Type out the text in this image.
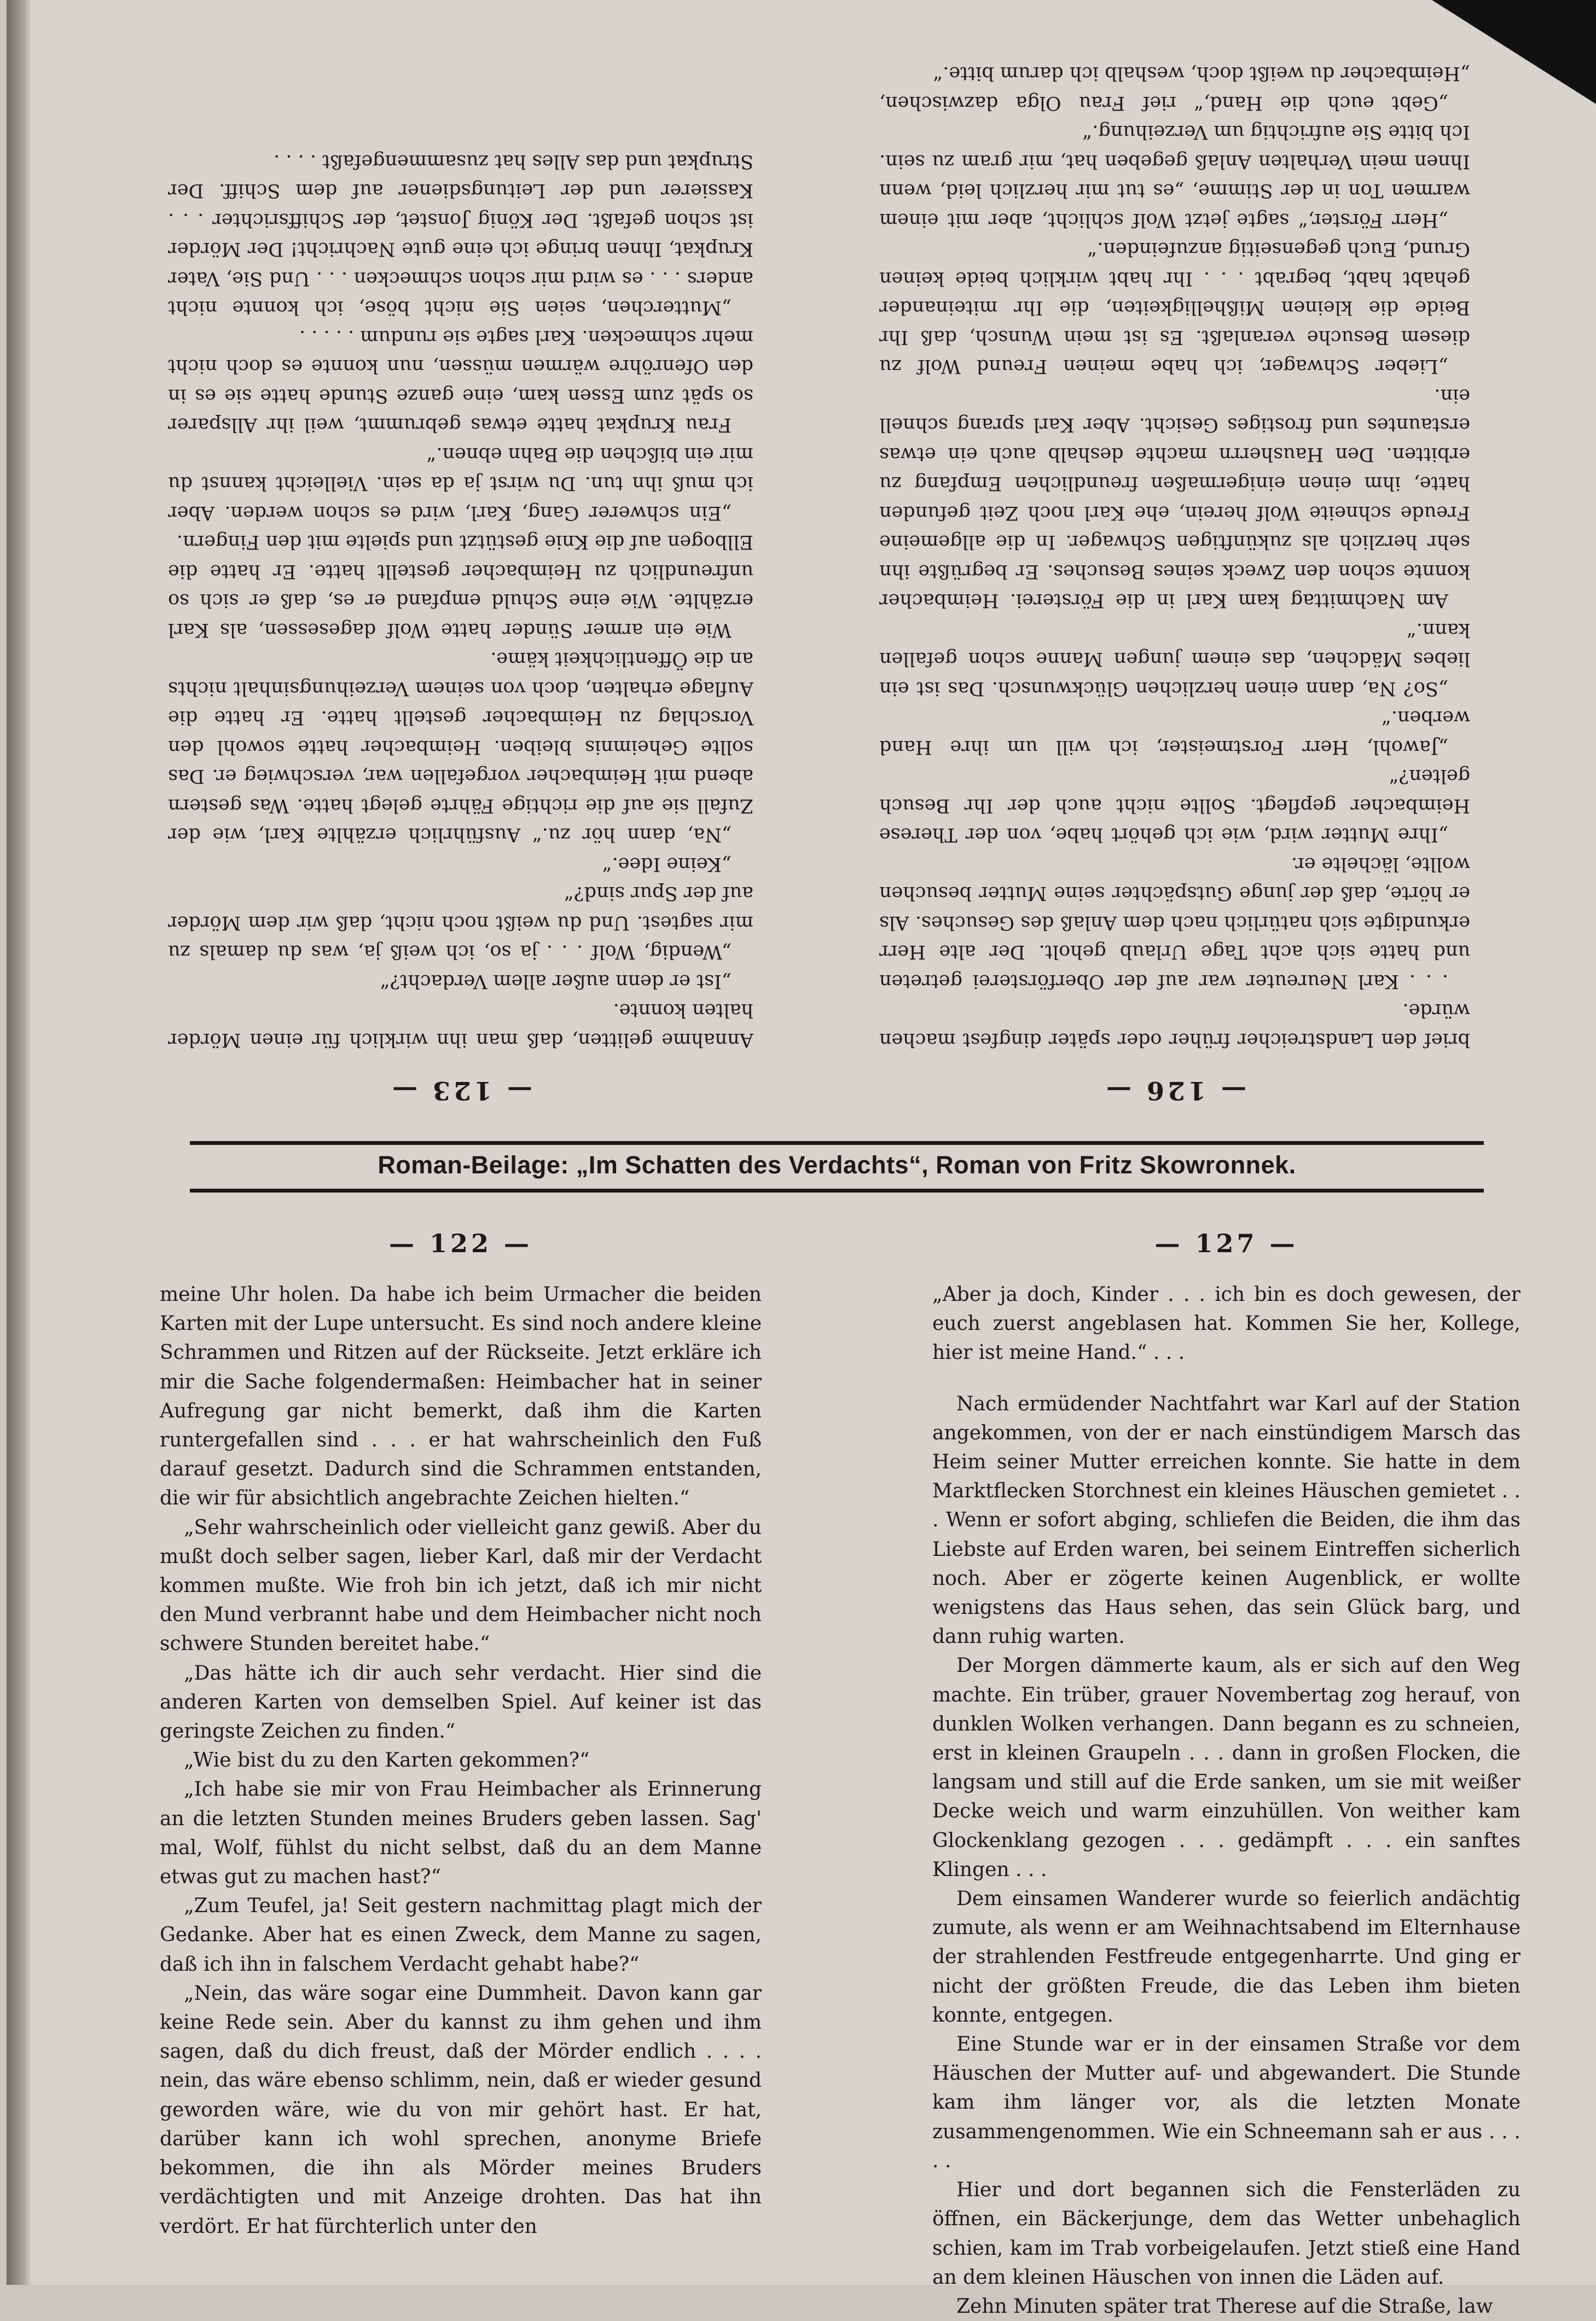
— 126 —

brief den Landstreicher früher oder später dingfest machen würde.

. . . Karl Neureuter war auf der Oberförsterei getreten und hatte sich acht Tage Urlaub geholt. Der alte Herr erkundigte sich natürlich nach dem Anlaß des Gesuches. Als er hörte, daß der junge Gutspächter seine Mutter besuchen wollte, lächelte er.

„Ihre Mutter wird, wie ich gehört habe, von der Therese Heimbacher gepflegt. Sollte nicht auch der Ihr Besuch gelten?“

„Jawohl, Herr Forstmeister, ich will um ihre Hand werben.“

„So? Na, dann einen herzlichen Glückwunsch. Das ist ein liebes Mädchen, das einem jungen Manne schon gefallen kann.“

Am Nachmittag kam Karl in die Försterei. Heimbacher konnte schon den Zweck seines Besuches. Er begrüßte ihn sehr herzlich als zukünftigen Schwager. In die allgemeine Freude schneite Wolf herein, ehe Karl noch Zeit gefunden hatte, ihm einen einigermaßen freundlichen Empfang zu erbitten. Den Hausherrn machte deshalb auch ein etwas erstauntes und frostiges Gesicht. Aber Karl sprang schnell ein.

„Lieber Schwager, ich habe meinen Freund Wolf zu diesem Besuche veranlaßt. Es ist mein Wunsch, daß Ihr Beide die kleinen Mißhelligkeiten, die Ihr miteinander gehabt habt, begrabt . . . Ihr habt wirklich beide keinen Grund, Euch gegenseitig anzufeinden.“

„Herr Förster,“ sagte jetzt Wolf schlicht, aber mit einem warmen Ton in der Stimme, „es tut mir herzlich leid, wenn Ihnen mein Verhalten Anlaß gegeben hat, mir gram zu sein. Ich bitte Sie aufrichtig um Verzeihung.“

„Gebt euch die Hand,“ rief Frau Olga dazwischen, „Heimbacher du weißt doch, weshalb ich darum bitte.“

— 123 —

Annahme gelitten, daß man ihn wirklich für einen Mörder halten konnte.

„Ist er denn außer allem Verdacht?“

„Wendig, Wolf . . . ja so, ich weiß ja, was du damals zu mir sagtest. Und du weißt noch nicht, daß wir dem Mörder auf der Spur sind?“

„Keine Idee.“

„Na, dann hör zu.“ Ausführlich erzählte Karl, wie der Zufall sie auf die richtige Fährte gelegt hatte. Was gestern abend mit Heimbacher vorgefallen war, verschwieg er. Das sollte Geheimnis bleiben. Heimbacher hatte sowohl den Vorschlag zu Heimbacher gestellt hatte. Er hatte die Auflage erhalten, doch von seinem Verzeihungsinhalt nichts an die Öffentlichkeit käme.

Wie ein armer Sünder hatte Wolf dagesessen, als Karl erzählte. Wie eine Schuld empfand er es, daß er sich so unfreundlich zu Heimbacher gestellt hatte. Er hatte die Ellbogen auf die Knie gestützt und spielte mit den Fingern.

„Ein schwerer Gang, Karl, wird es schon werden. Aber ich muß ihn tun. Du wirst ja da sein. Vielleicht kannst du mir ein bißchen die Bahn ebnen.“

Frau Krupkat hatte etwas gebrummt, weil ihr Allsparer so spät zum Essen kam, eine ganze Stunde hatte sie es in den Ofenröhre wärmen müssen, nun konnte es doch nicht mehr schmecken. Karl sagte sie rundum . . . . .

„Mutterchen, seien Sie nicht böse, ich konnte nicht anders . . . es wird mir schon schmecken . . . Und Sie, Vater Krupkat, Ihnen bringe ich eine gute Nachricht! Der Mörder ist schon gefaßt. Der König Jonstet, der Schiffsrichter . . . Kassierer und der Leitungsdiener auf dem Schiff. Der Strupkat und das Alles hat zusammengefaßt . . . .

Roman-Beilage: „Im Schatten des Verdachts“, Roman von Fritz Skowronnek.
— 122 —

meine Uhr holen. Da habe ich beim Urmacher die beiden Karten mit der Lupe untersucht. Es sind noch andere kleine Schrammen und Ritzen auf der Rückseite. Jetzt erkläre ich mir die Sache folgendermaßen: Heimbacher hat in seiner Aufregung gar nicht bemerkt, daß ihm die Karten runtergefallen sind . . . er hat wahrscheinlich den Fuß darauf gesetzt. Dadurch sind die Schrammen entstanden, die wir für absichtlich angebrachte Zeichen hielten.“

„Sehr wahrscheinlich oder vielleicht ganz gewiß. Aber du mußt doch selber sagen, lieber Karl, daß mir der Verdacht kommen mußte. Wie froh bin ich jetzt, daß ich mir nicht den Mund verbrannt habe und dem Heimbacher nicht noch schwere Stunden bereitet habe.“

„Das hätte ich dir auch sehr verdacht. Hier sind die anderen Karten von demselben Spiel. Auf keiner ist das geringste Zeichen zu finden.“

„Wie bist du zu den Karten gekommen?“

„Ich habe sie mir von Frau Heimbacher als Erinnerung an die letzten Stunden meines Bruders geben lassen. Sag' mal, Wolf, fühlst du nicht selbst, daß du an dem Manne etwas gut zu machen hast?“

„Zum Teufel, ja! Seit gestern nachmittag plagt mich der Gedanke. Aber hat es einen Zweck, dem Manne zu sagen, daß ich ihn in falschem Verdacht gehabt habe?“

„Nein, das wäre sogar eine Dummheit. Davon kann gar keine Rede sein. Aber du kannst zu ihm gehen und ihm sagen, daß du dich freust, daß der Mörder endlich . . . . nein, das wäre ebenso schlimm, nein, daß er wieder gesund geworden wäre, wie du von mir gehört hast. Er hat, darüber kann ich wohl sprechen, anonyme Briefe bekommen, die ihn als Mörder meines Bruders verdächtigten und mit Anzeige drohten. Das hat ihn verdört. Er hat fürchterlich unter den

— 127 —

„Aber ja doch, Kinder . . . ich bin es doch gewesen, der euch zuerst angeblasen hat. Kommen Sie her, Kollege, hier ist meine Hand.“ . . .

Nach ermüdender Nachtfahrt war Karl auf der Station angekommen, von der er nach einstündigem Marsch das Heim seiner Mutter erreichen konnte. Sie hatte in dem Marktflecken Storchnest ein kleines Häuschen gemietet . . . Wenn er sofort abging, schliefen die Beiden, die ihm das Liebste auf Erden waren, bei seinem Eintreffen sicherlich noch. Aber er zögerte keinen Augenblick, er wollte wenigstens das Haus sehen, das sein Glück barg, und dann ruhig warten.

Der Morgen dämmerte kaum, als er sich auf den Weg machte. Ein trüber, grauer Novembertag zog herauf, von dunklen Wolken verhangen. Dann begann es zu schneien, erst in kleinen Graupeln . . . dann in großen Flocken, die langsam und still auf die Erde sanken, um sie mit weißer Decke weich und warm einzuhüllen. Von weither kam Glockenklang gezogen . . . gedämpft . . . ein sanftes Klingen . . .

Dem einsamen Wanderer wurde so feierlich andächtig zumute, als wenn er am Weihnachtsabend im Elternhause der strahlenden Festfreude entgegenharrte. Und ging er nicht der größten Freude, die das Leben ihm bieten konnte, entgegen.

Eine Stunde war er in der einsamen Straße vor dem Häuschen der Mutter auf- und abgewandert. Die Stunde kam ihm länger vor, als die letzten Monate zusammengenommen. Wie ein Schneemann sah er aus . . . . .

Hier und dort begannen sich die Fensterläden zu öffnen, ein Bäckerjunge, dem das Wetter unbehaglich schien, kam im Trab vorbeigelaufen. Jetzt stieß eine Hand an dem kleinen Häuschen von innen die Läden auf.

Zehn Minuten später trat Therese auf die Straße, law
